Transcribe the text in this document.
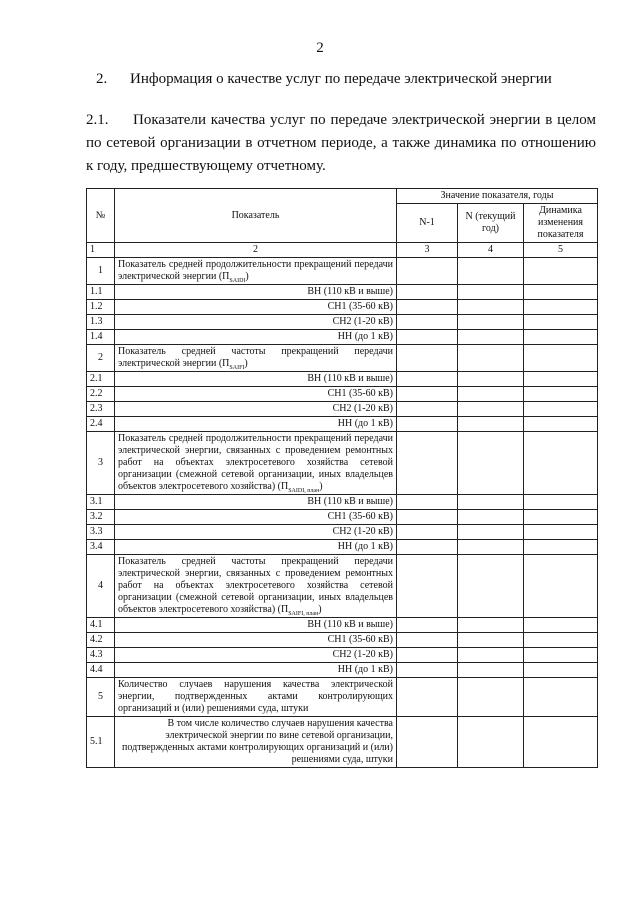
2
2. Информация о качестве услуг по передаче электрической энергии
2.1. Показатели качества услуг по передаче электрической энергии в целом по сетевой организации в отчетном периоде, а также динамика по отношению к году, предшествующему отчетному.
№	Показатель	Значение показателя, годы		
		N-1	N (текущий год)	Динамика изменения показателя
1	2	3	4	5
1	Показатель средней продолжительности прекращений передачи электрической энергии $(П_{SAIDI})$			
1.1	ВН (110 кВ и выше)			
1.2	СН1 (35-60 кВ)			
1.3	СН2 (1-20 кВ)			
1.4	НН (до 1 кВ)			
2	Показатель средней частоты прекращений передачи электрической энергии $(П_{SAIFI})$			
2.1	ВН (110 кВ и выше)			
2.2	СН1 (35-60 кВ)			
2.3	СН2 (1-20 кВ)			
2.4	НН (до 1 кВ)			
3	Показатель средней продолжительности прекращений передачи электрической энергии, связанных с проведением ремонтных работ на объектах электросетевого хозяйства сетевой организации (смежной сетевой организации, иных владельцев объектов электросетевого хозяйства) $(П_{SAIDI, план})$			
3.1	ВН (110 кВ и выше)			
3.2	СН1 (35-60 кВ)			
3.3	СН2 (1-20 кВ)			
3.4	НН (до 1 кВ)			
4	Показатель средней частоты прекращений передачи электрической энергии, связанных с проведением ремонтных работ на объектах электросетевого хозяйства сетевой организации (смежной сетевой организации, иных владельцев объектов электросетевого хозяйства) $(П_{SAIFI, план})$			
4.1	ВН (110 кВ и выше)			
4.2	СН1 (35-60 кВ)			
4.3	СН2 (1-20 кВ)			
4.4	НН (до 1 кВ)			
5	Количество случаев нарушения качества электрической энергии, подтвержденных актами контролирующих организаций и (или) решениями суда, штуки			
5.1	В том числе количество случаев нарушения качества электрической энергии по вине сетевой организации, подтвержденных актами контролирующих организаций и (или) решениями суда, штуки			
